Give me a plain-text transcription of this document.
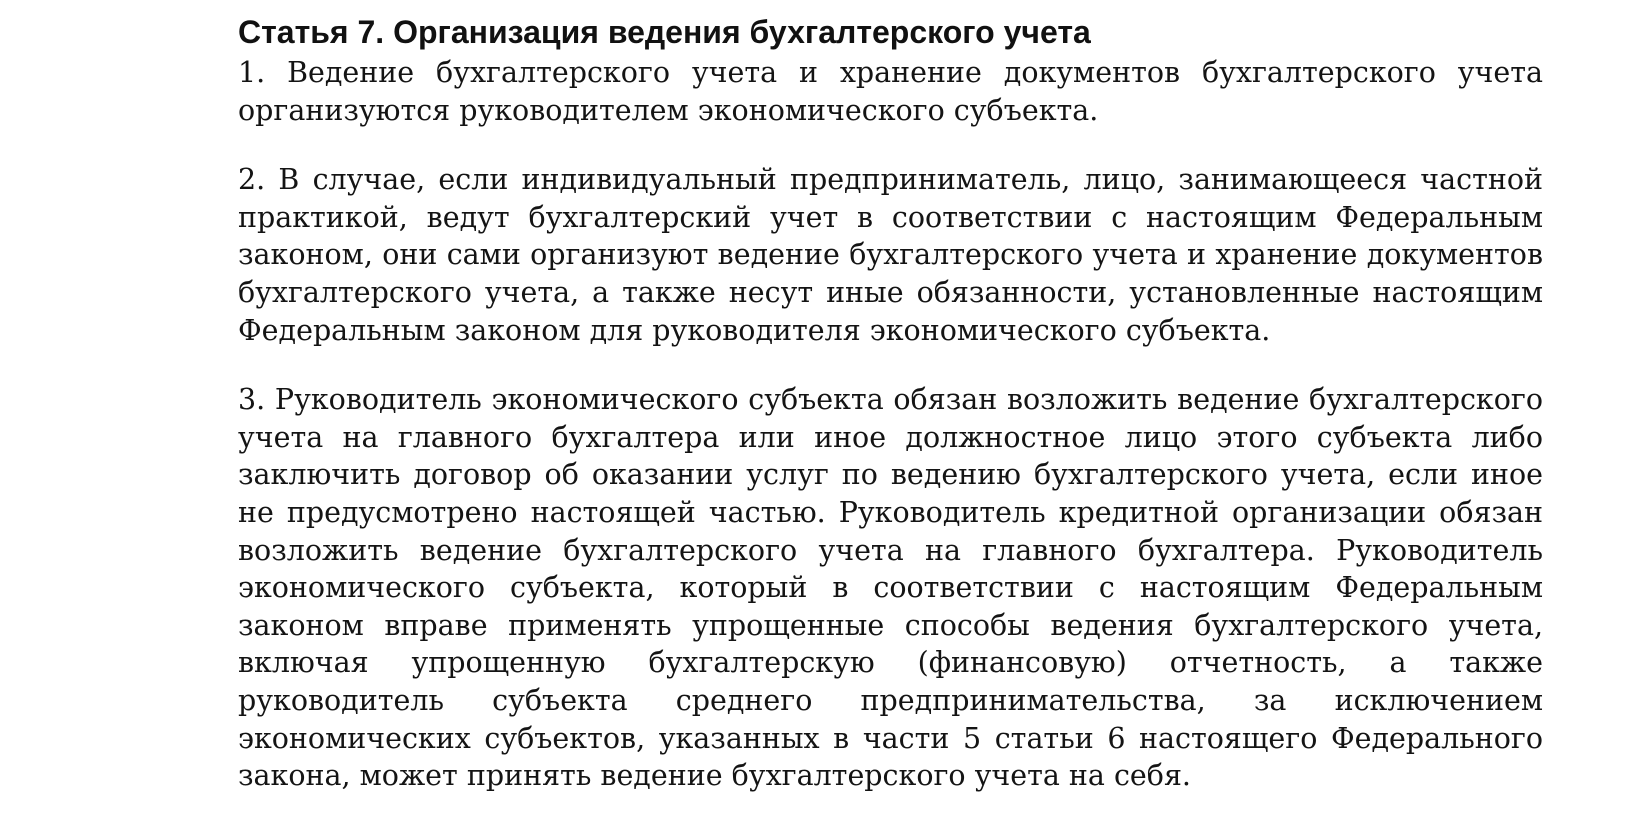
Статья 7. Организация ведения бухгалтерского учета

1. Ведение бухгалтерского учета и хранение документов бухгалтерского учета организуются руководителем экономического субъекта.

2. В случае, если индивидуальный предприниматель, лицо, занимающееся частной практикой, ведут бухгалтерский учет в соответствии с настоящим Федеральным законом, они сами организуют ведение бухгалтерского учета и хранение документов бухгалтерского учета, а также несут иные обязанности, установленные настоящим Федеральным законом для руководителя экономического субъекта.

3. Руководитель экономического субъекта обязан возложить ведение бухгалтерского учета на главного бухгалтера или иное должностное лицо этого субъекта либо заключить договор об оказании услуг по ведению бухгалтерского учета, если иное не предусмотрено настоящей частью. Руководитель кредитной организации обязан возложить ведение бухгалтерского учета на главного бухгалтера. Руководитель экономического субъекта, который в соответствии с настоящим Федеральным законом вправе применять упрощенные способы ведения бухгалтерского учета, включая упрощенную бухгалтерскую (финансовую) отчетность, а также руководитель субъекта среднего предпринимательства, за исключением экономических субъектов, указанных в части 5 статьи 6 настоящего Федерального закона, может принять ведение бухгалтерского учета на себя.
